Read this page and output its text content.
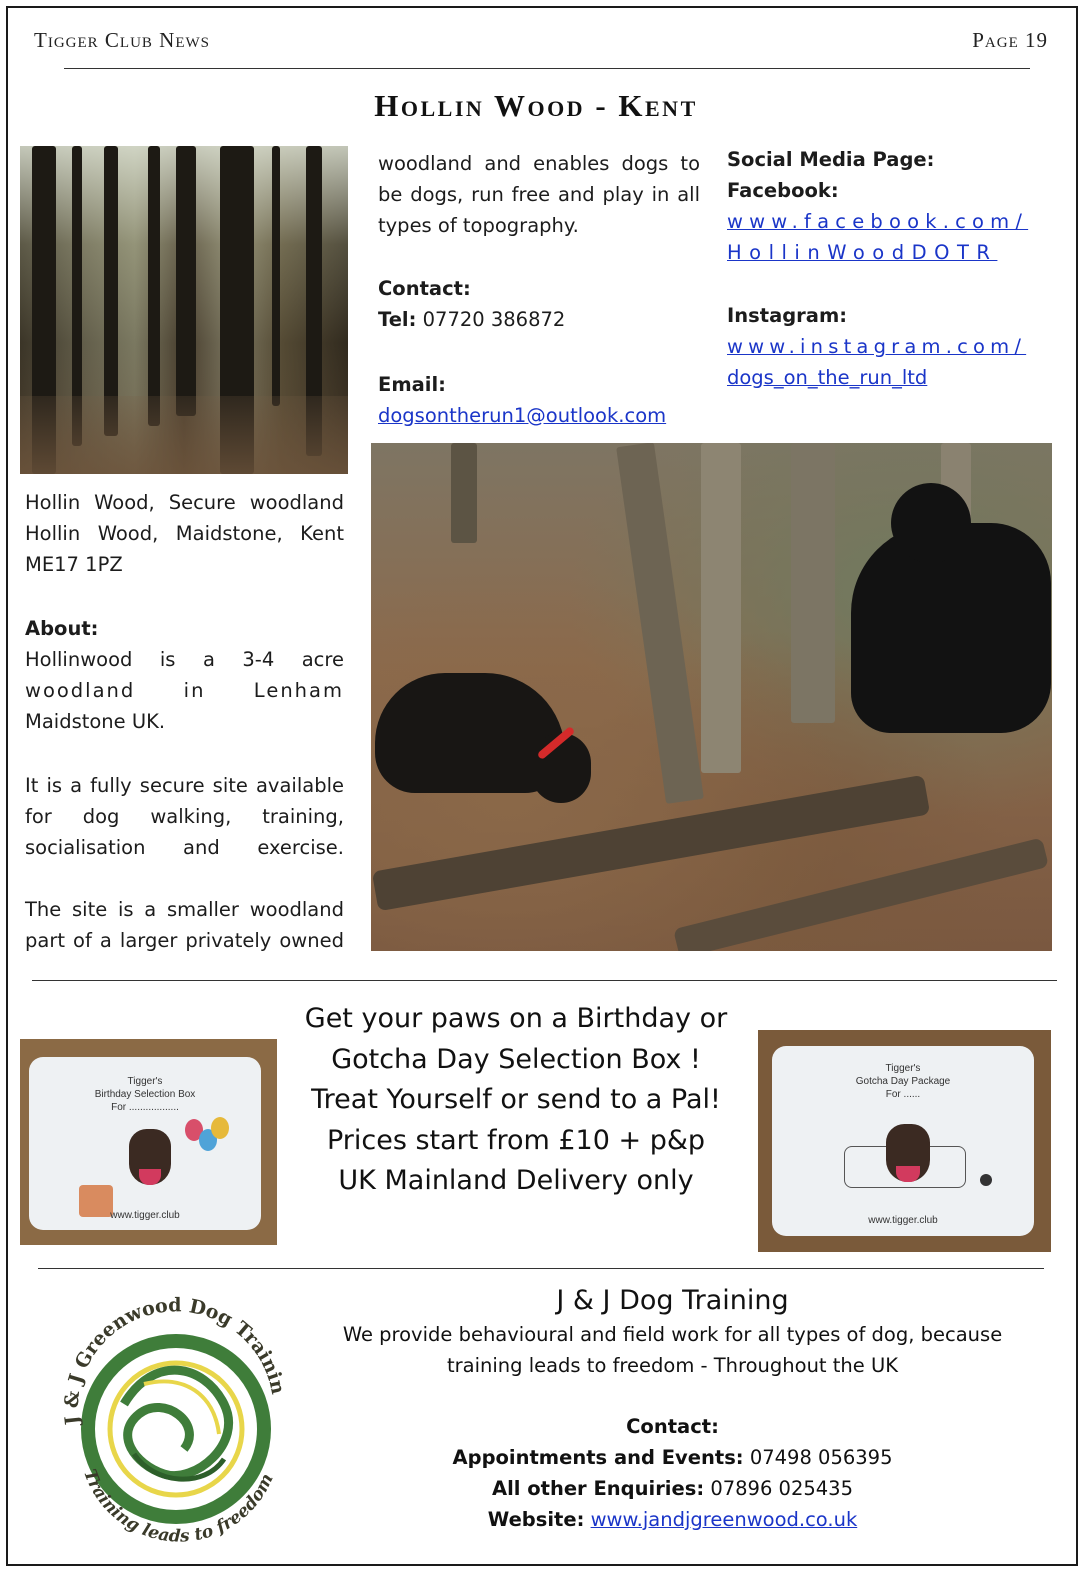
Tigger Club News	Page 19
Hollin Wood - Kent
Hollin Wood, Secure woodland
Hollin Wood, Maidstone, Kent
ME17 1PZ
About:
Hollinwood is a 3-4 acre
woodland in Lenham
Maidstone UK.
It is a fully secure site available
for dog walking, training,
socialisation and exercise.
The site is a smaller woodland
part of a larger privately owned
woodland and enables dogs to
be dogs, run free and play in all
types of topography.
Contact:
Tel: 07720 386872
Email:
dogsontherun1@outlook.com
Social Media Page:
Facebook:
www.facebook.com/
HollinWoodDOTR
Instagram:
www.instagram.com/
dogs_on_the_run_ltd
Tigger's
Birthday Selection Box
For ..................
www.tigger.club
Get your paws on a Birthday or
Gotcha Day Selection Box !
Treat Yourself or send to a Pal!
Prices start from £10 + p&p
UK Mainland Delivery only
Tigger's
Gotcha Day Package
For ......
www.tigger.club
J & J Greenwood Dog Trainin
Training leads to freedom
J & J Dog Training
We provide behavioural and field work for all types of dog, because
training leads to freedom - Throughout the UK
Contact:
Appointments and Events: 07498 056395
All other Enquiries: 07896 025435
Website: www.jandjgreenwood.co.uk
